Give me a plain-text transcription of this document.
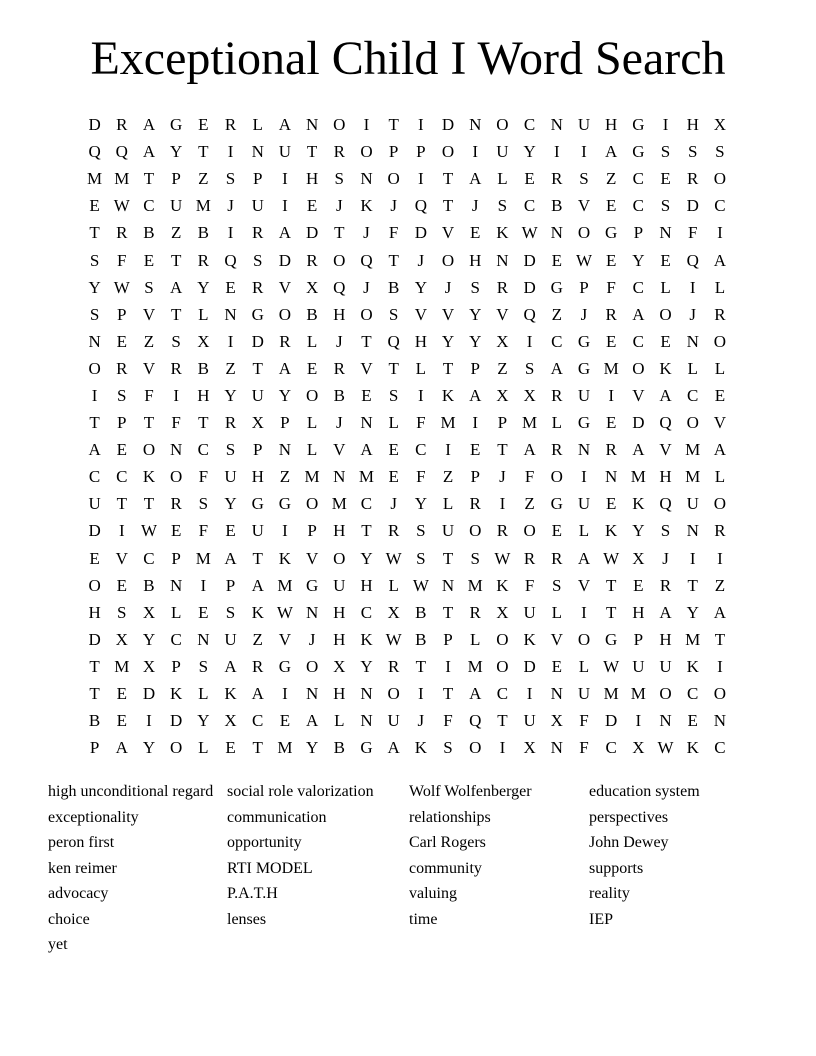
Exceptional Child I Word Search
D R A G E R L A N O	I	T	I	D N O C N U H G	I	H X
Q Q A Y T	I	N U T R O P	P O	I	U Y	I	I	A G S	S	S
M M T	P	Z	S	P	I	H S N O	I	T A L E R S	Z C E R O
E W C U M J	U	I	E	J	K	J	Q T	J	S C B V E C S D C
T R B Z B	I	R A D T	J	F D V E K W N O G P N F	I
S	F	E T R Q S D R O Q T	J	O H N D E W E Y E Q A
Y W S A Y E R V X Q	J	B Y	J	S R D G P	F C L	I	L
S	P V T L N G O B H O S V V Y V Q Z	J	R A O	J	R
N E Z	S X	I	D R L	J	T Q H Y Y X	I	C G E C E N O
O R V R B Z T A E R V T L T	P	Z	S A G M O K L L
I	S	F	I	H Y U Y O B E	S	I	K A X X R U	I	V A C E
T	P	T	F	T R X P	L	J	N L	F M I	P M L G E D Q O V
A E O N C S	P N L V A E C	I	E T A R N R A V M A
C C K O F U H Z M N M E	F	Z	P	J	F O	I	N M H M L
U T T R S Y G G O M C	J	Y L R	I	Z G U E K Q U O
D	I W E	F	E U	I	P H T R S U O R O E L K Y S N R
E V C P M A T K V O Y W S	T	S W R R A W X	J	I	I
O E B N	I	P A M G U H L W N M K F	S V T E R T Z
H S X L E	S K W N H C X B T R X U L	I	T H A Y A
D X Y C N U Z V	J	H K W B P	L O K V O G P H M T
T M X P	S A R G O X Y R T	I M O D E L W U U K	I
T E D K L K A	I	N H N O	I	T A C	I	N U M M O C O
B E	I	D Y X C E A L N U	J	F Q T U X F D	I	N E N
P A Y O L E T M Y B G A K S O	I	X N F C X W K C
high unconditional regard
exceptionality
peron first
ken reimer
advocacy
choice
yet
social role valorization
communication
opportunity
RTI MODEL
P.A.T.H
lenses
Wolf Wolfenberger
relationships
Carl Rogers
community
valuing
time
education system
perspectives
John Dewey
supports
reality
IEP
